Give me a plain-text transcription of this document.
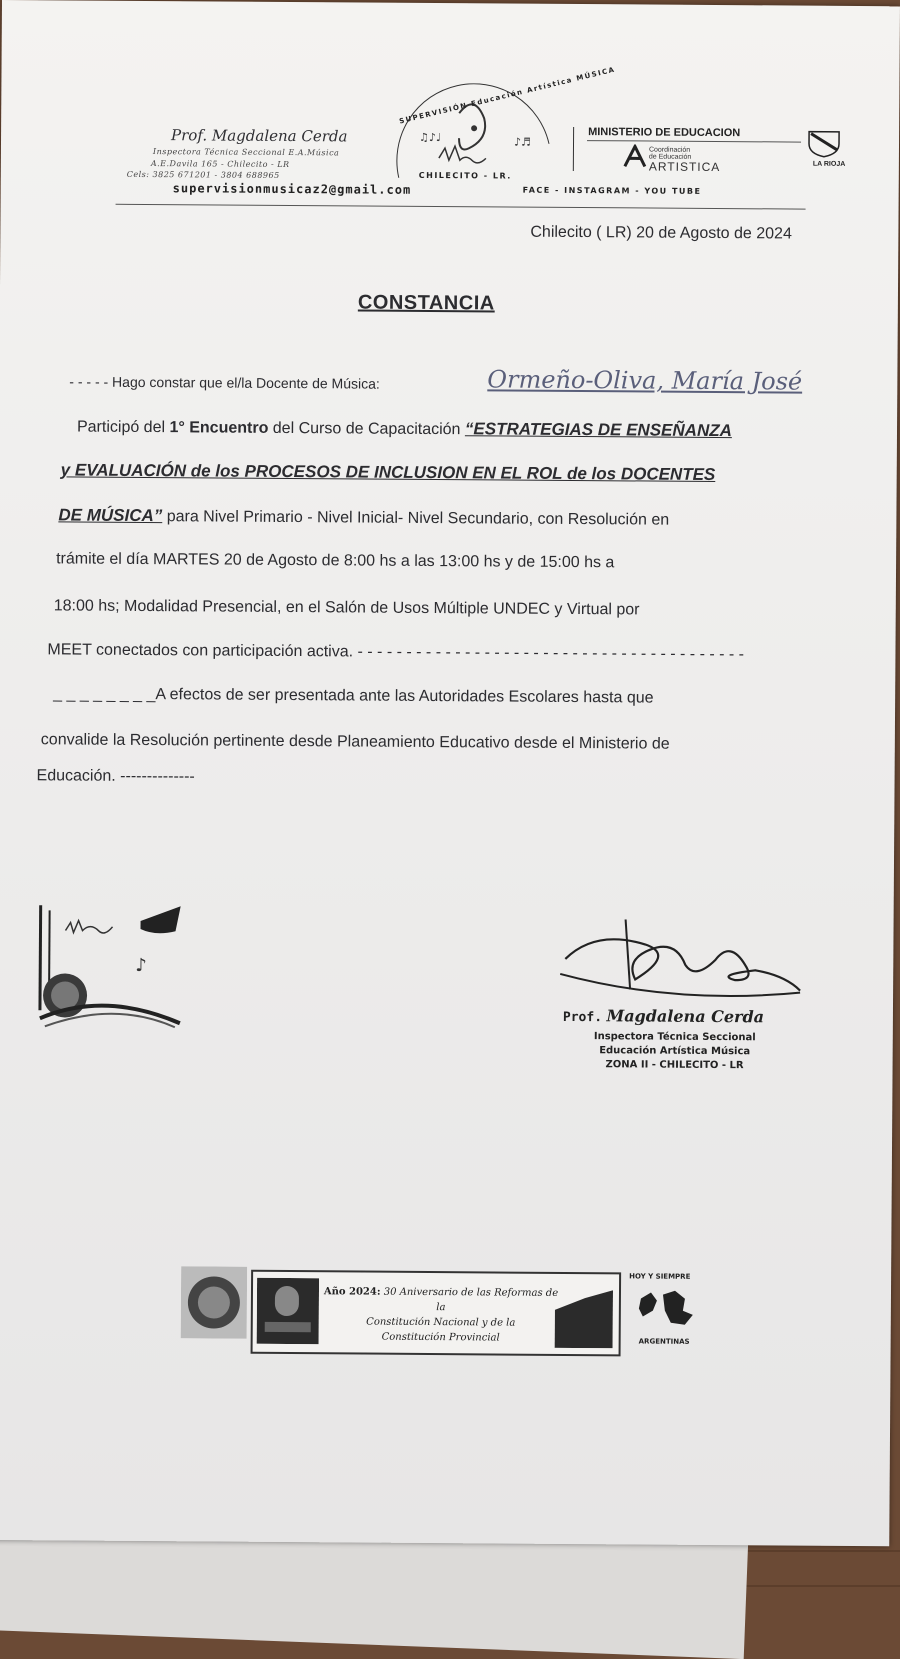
Prof. Magdalena Cerda
Inspectora Técnica Seccional E.A.Música
A.E.Davila 165 - Chilecito - LR
Cels: 3825 671201 - 3804 688965
♫♪♩	♪♬
SUPERVISIÓN Educación Artística MÚSICA
CHILECITO - LR.
MINISTERIO DE EDUCACION
Coordinación
de Educación
ARTISTICA	LA RIOJA
supervisionmusicaz2@gmail.com	FACE - INSTAGRAM - YOU TUBE
Chilecito ( LR) 20 de Agosto de 2024
CONSTANCIA
- - - - - Hago constar que el/la Docente de Música:	Ormeño-Oliva, María José
Participó del 1° Encuentro del Curso de Capacitación “ESTRATEGIAS DE ENSEÑANZA
y EVALUACIÓN de los PROCESOS DE INCLUSION EN EL ROL de los DOCENTES
DE MÚSICA” para Nivel Primario - Nivel Inicial- Nivel Secundario, con Resolución en
trámite el día MARTES 20 de Agosto de 8:00 hs a las 13:00 hs y de 15:00 hs a
18:00 hs; Modalidad Presencial, en el Salón de Usos Múltiple UNDEC y Virtual por
MEET conectados con participación activa. - - - - - - - - - - - - - - - - - - - - - - - - - - - - - - - - - - - - - - - -
_ _ _ _ _ _ _ _A efectos de ser presentada ante las Autoridades Escolares hasta que
convalide la Resolución pertinente desde Planeamiento Educativo desde el Ministerio de
Educación. --------------
♪
Prof. Magdalena Cerda
Inspectora Técnica Seccional
Educación Artística Música
ZONA II - CHILECITO - LR
Año 2024: 30 Aniversario de las Reformas de la
Constitución Nacional y de la
Constitución Provincial
HOY Y SIEMPRE
ARGENTINAS
